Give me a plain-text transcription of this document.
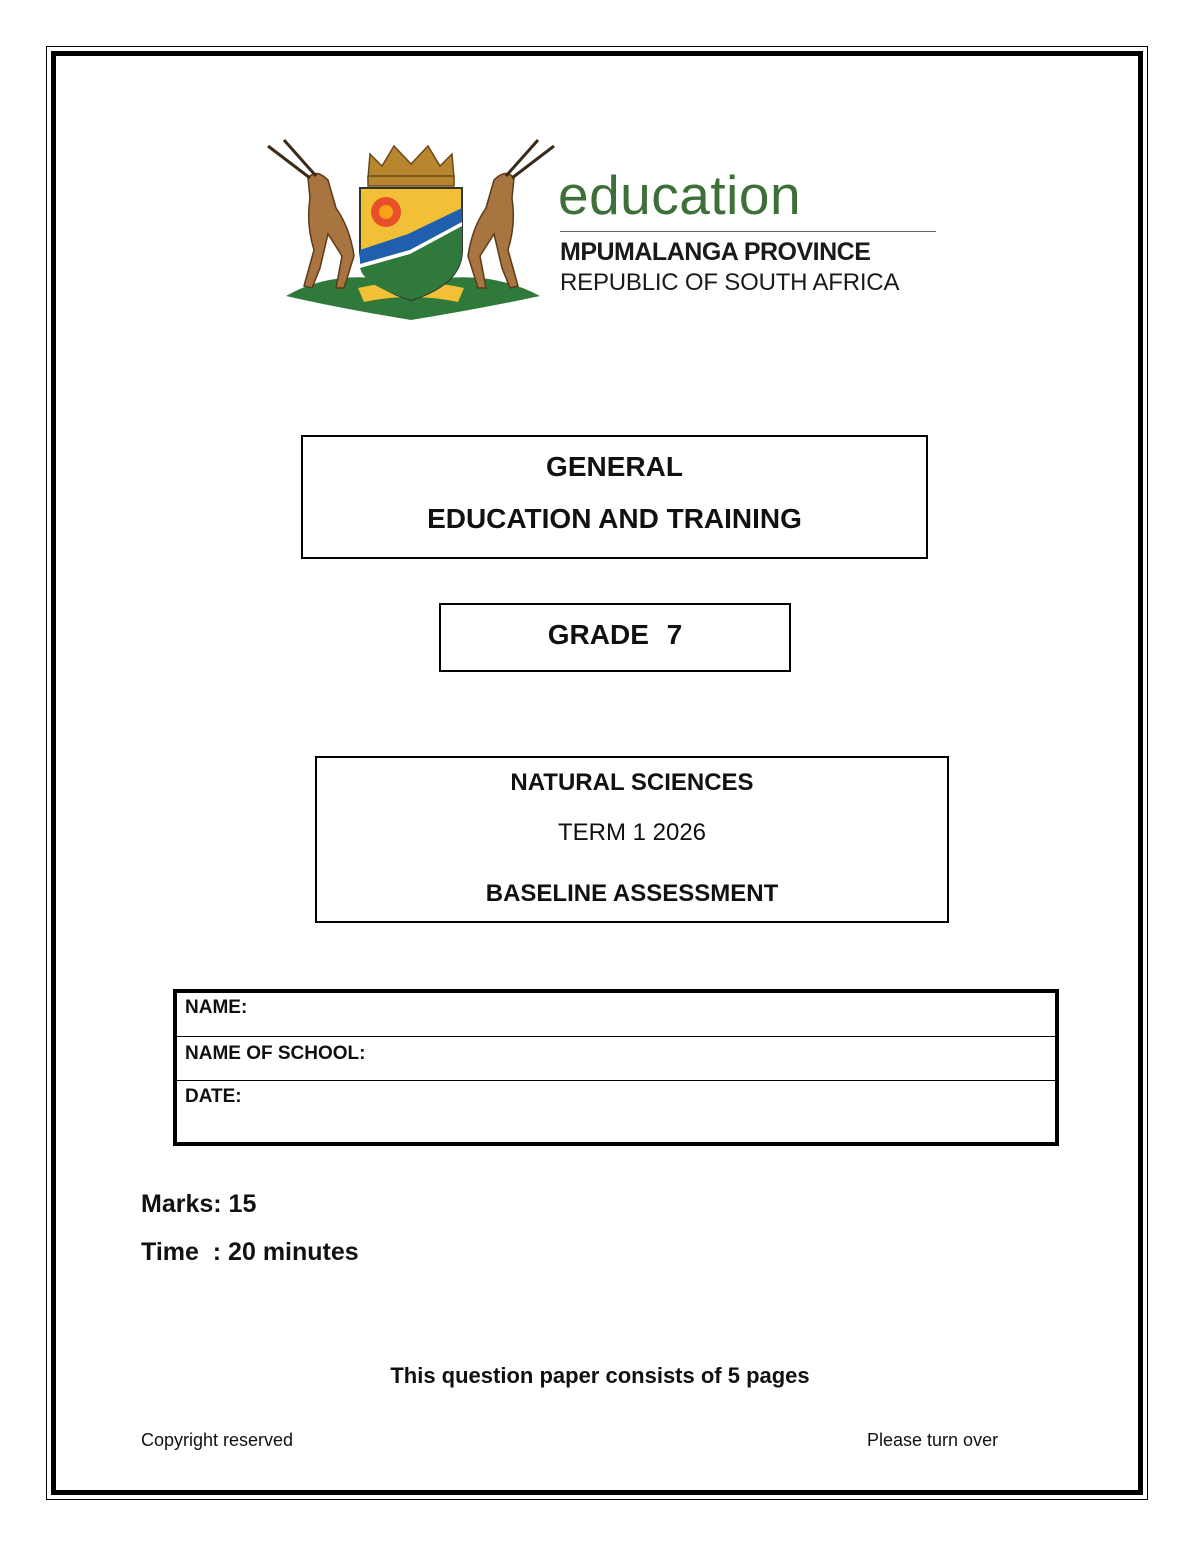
education
MPUMALANGA PROVINCE
REPUBLIC OF SOUTH AFRICA
GENERAL
EDUCATION AND TRAINING
GRADE 7
NATURAL SCIENCES
TERM 1 2026
BASELINE ASSESSMENT
NAME:
NAME OF SCHOOL:
DATE:
Marks: 15
Time  : 20 minutes
This question paper consists of 5 pages
Copyright reserved	Please turn over
